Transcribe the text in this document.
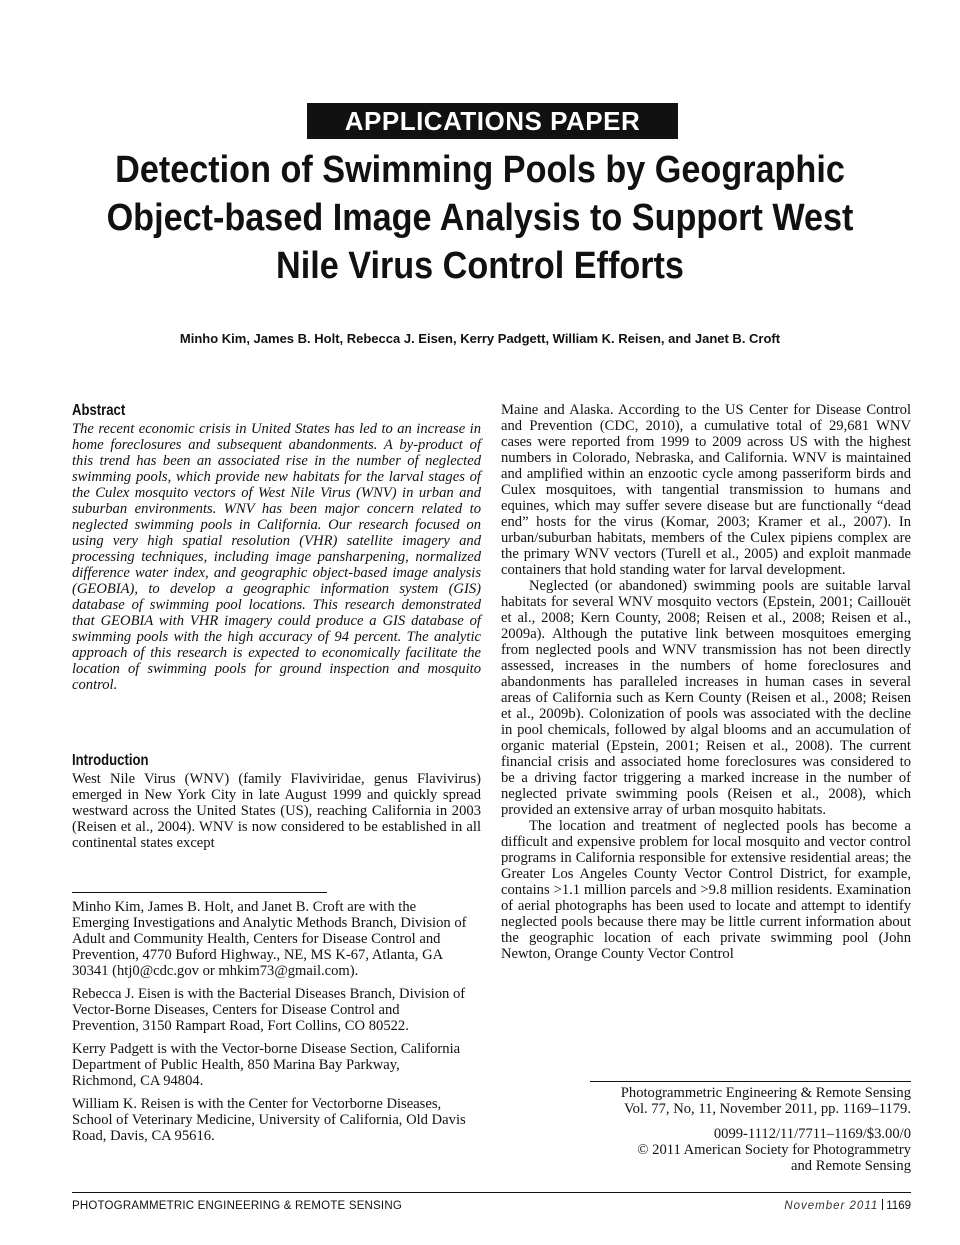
APPLICATIONS PAPER
Detection of Swimming Pools by Geographic Object-based Image Analysis to Support West Nile Virus Control Efforts
Minho Kim, James B. Holt, Rebecca J. Eisen, Kerry Padgett, William K. Reisen, and Janet B. Croft
Abstract
The recent economic crisis in United States has led to an increase in home foreclosures and subsequent abandonments. A by-product of this trend has been an associated rise in the number of neglected swimming pools, which provide new habitats for the larval stages of the Culex mosquito vectors of West Nile Virus (WNV) in urban and suburban environments. WNV has been major concern related to neglected swimming pools in California. Our research focused on using very high spatial resolution (VHR) satellite imagery and processing techniques, including image pansharpening, normalized difference water index, and geographic object-based image analysis (GEOBIA), to develop a geographic information system (GIS) database of swimming pool locations. This research demonstrated that GEOBIA with VHR imagery could produce a GIS database of swimming pools with the high accuracy of 94 percent. The analytic approach of this research is expected to economically facilitate the location of swimming pools for ground inspection and mosquito control.
Introduction
West Nile Virus (WNV) (family Flaviviridae, genus Flavivirus) emerged in New York City in late August 1999 and quickly spread westward across the United States (US), reaching California in 2003 (Reisen et al., 2004). WNV is now considered to be established in all continental states except

Minho Kim, James B. Holt, and Janet B. Croft are with the Emerging Investigations and Analytic Methods Branch, Division of Adult and Community Health, Centers for Disease Control and Prevention, 4770 Buford Highway., NE, MS K-67, Atlanta, GA 30341 (htj0@cdc.gov or mhkim73@gmail.com).

Rebecca J. Eisen is with the Bacterial Diseases Branch, Division of Vector-Borne Diseases, Centers for Disease Control and Prevention, 3150 Rampart Road, Fort Collins, CO 80522.

Kerry Padgett is with the Vector-borne Disease Section, California Department of Public Health, 850 Marina Bay Parkway, Richmond, CA 94804.

William K. Reisen is with the Center for Vectorborne Diseases, School of Veterinary Medicine, University of California, Old Davis Road, Davis, CA 95616.

Maine and Alaska. According to the US Center for Disease Control and Prevention (CDC, 2010), a cumulative total of 29,681 WNV cases were reported from 1999 to 2009 across US with the highest numbers in Colorado, Nebraska, and California. WNV is maintained and amplified within an enzootic cycle among passeriform birds and Culex mosquitoes, with tangential transmission to humans and equines, which may suffer severe disease but are functionally “dead end” hosts for the virus (Komar, 2003; Kramer et al., 2007). In urban/suburban habitats, members of the Culex pipiens complex are the primary WNV vectors (Turell et al., 2005) and exploit manmade containers that hold standing water for larval development.

Neglected (or abandoned) swimming pools are suitable larval habitats for several WNV mosquito vectors (Epstein, 2001; Caillouët et al., 2008; Kern County, 2008; Reisen et al., 2008; Reisen et al., 2009a). Although the putative link between mosquitoes emerging from neglected pools and WNV transmission has not been directly assessed, increases in the numbers of home foreclosures and abandonments has paralleled increases in human cases in several areas of California such as Kern County (Reisen et al., 2008; Reisen et al., 2009b). Colonization of pools was associated with the decline in pool chemicals, followed by algal blooms and an accumulation of organic material (Epstein, 2001; Reisen et al., 2008). The current financial crisis and associated home foreclosures was considered to be a driving factor triggering a marked increase in the number of neglected private swimming pools (Reisen et al., 2008), which provided an extensive array of urban mosquito habitats.

The location and treatment of neglected pools has become a difficult and expensive problem for local mosquito and vector control programs in California responsible for extensive residential areas; the Greater Los Angeles County Vector Control District, for example, contains >1.1 million parcels and >9.8 million residents. Examination of aerial photographs has been used to locate and attempt to identify neglected pools because there may be little current information about the geographic location of each private swimming pool (John Newton, Orange County Vector Control

Photogrammetric Engineering & Remote Sensing
Vol. 77, No, 11, November 2011, pp. 1169–1179.
0099-1112/11/7711–1169/$3.00/0
© 2011 American Society for Photogrammetry
and Remote Sensing
PHOTOGRAMMETRIC ENGINEERING & REMOTE SENSING	November 2011 1169
